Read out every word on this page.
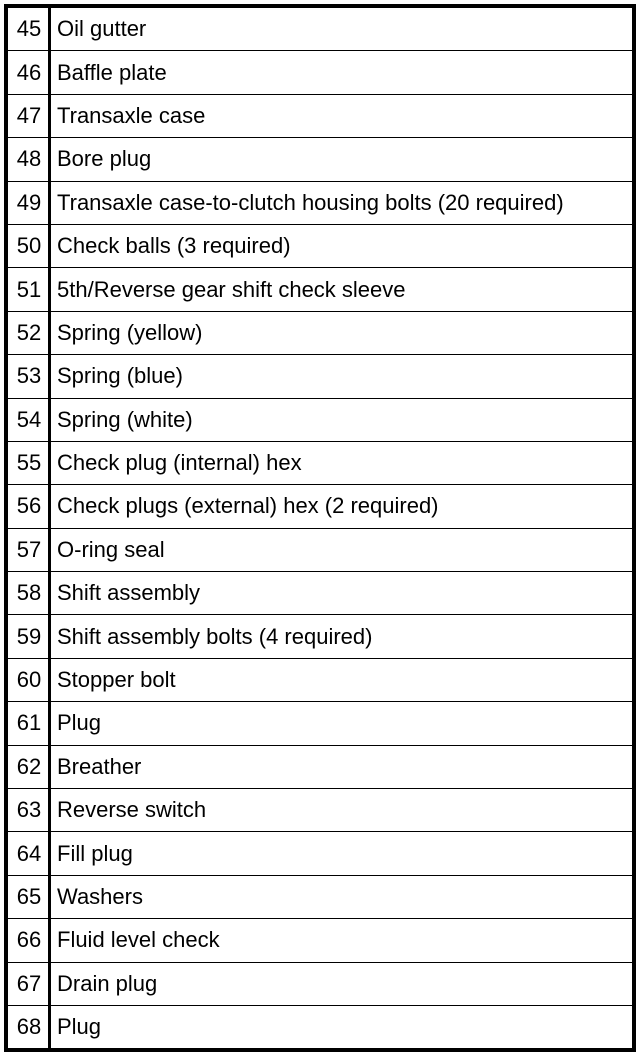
45	Oil gutter
46	Baffle plate
47	Transaxle case
48	Bore plug
49	Transaxle case-to-clutch housing bolts (20 required)
50	Check balls (3 required)
51	5th/Reverse gear shift check sleeve
52	Spring (yellow)
53	Spring (blue)
54	Spring (white)
55	Check plug (internal) hex
56	Check plugs (external) hex (2 required)
57	O-ring seal
58	Shift assembly
59	Shift assembly bolts (4 required)
60	Stopper bolt
61	Plug
62	Breather
63	Reverse switch
64	Fill plug
65	Washers
66	Fluid level check
67	Drain plug
68	Plug
